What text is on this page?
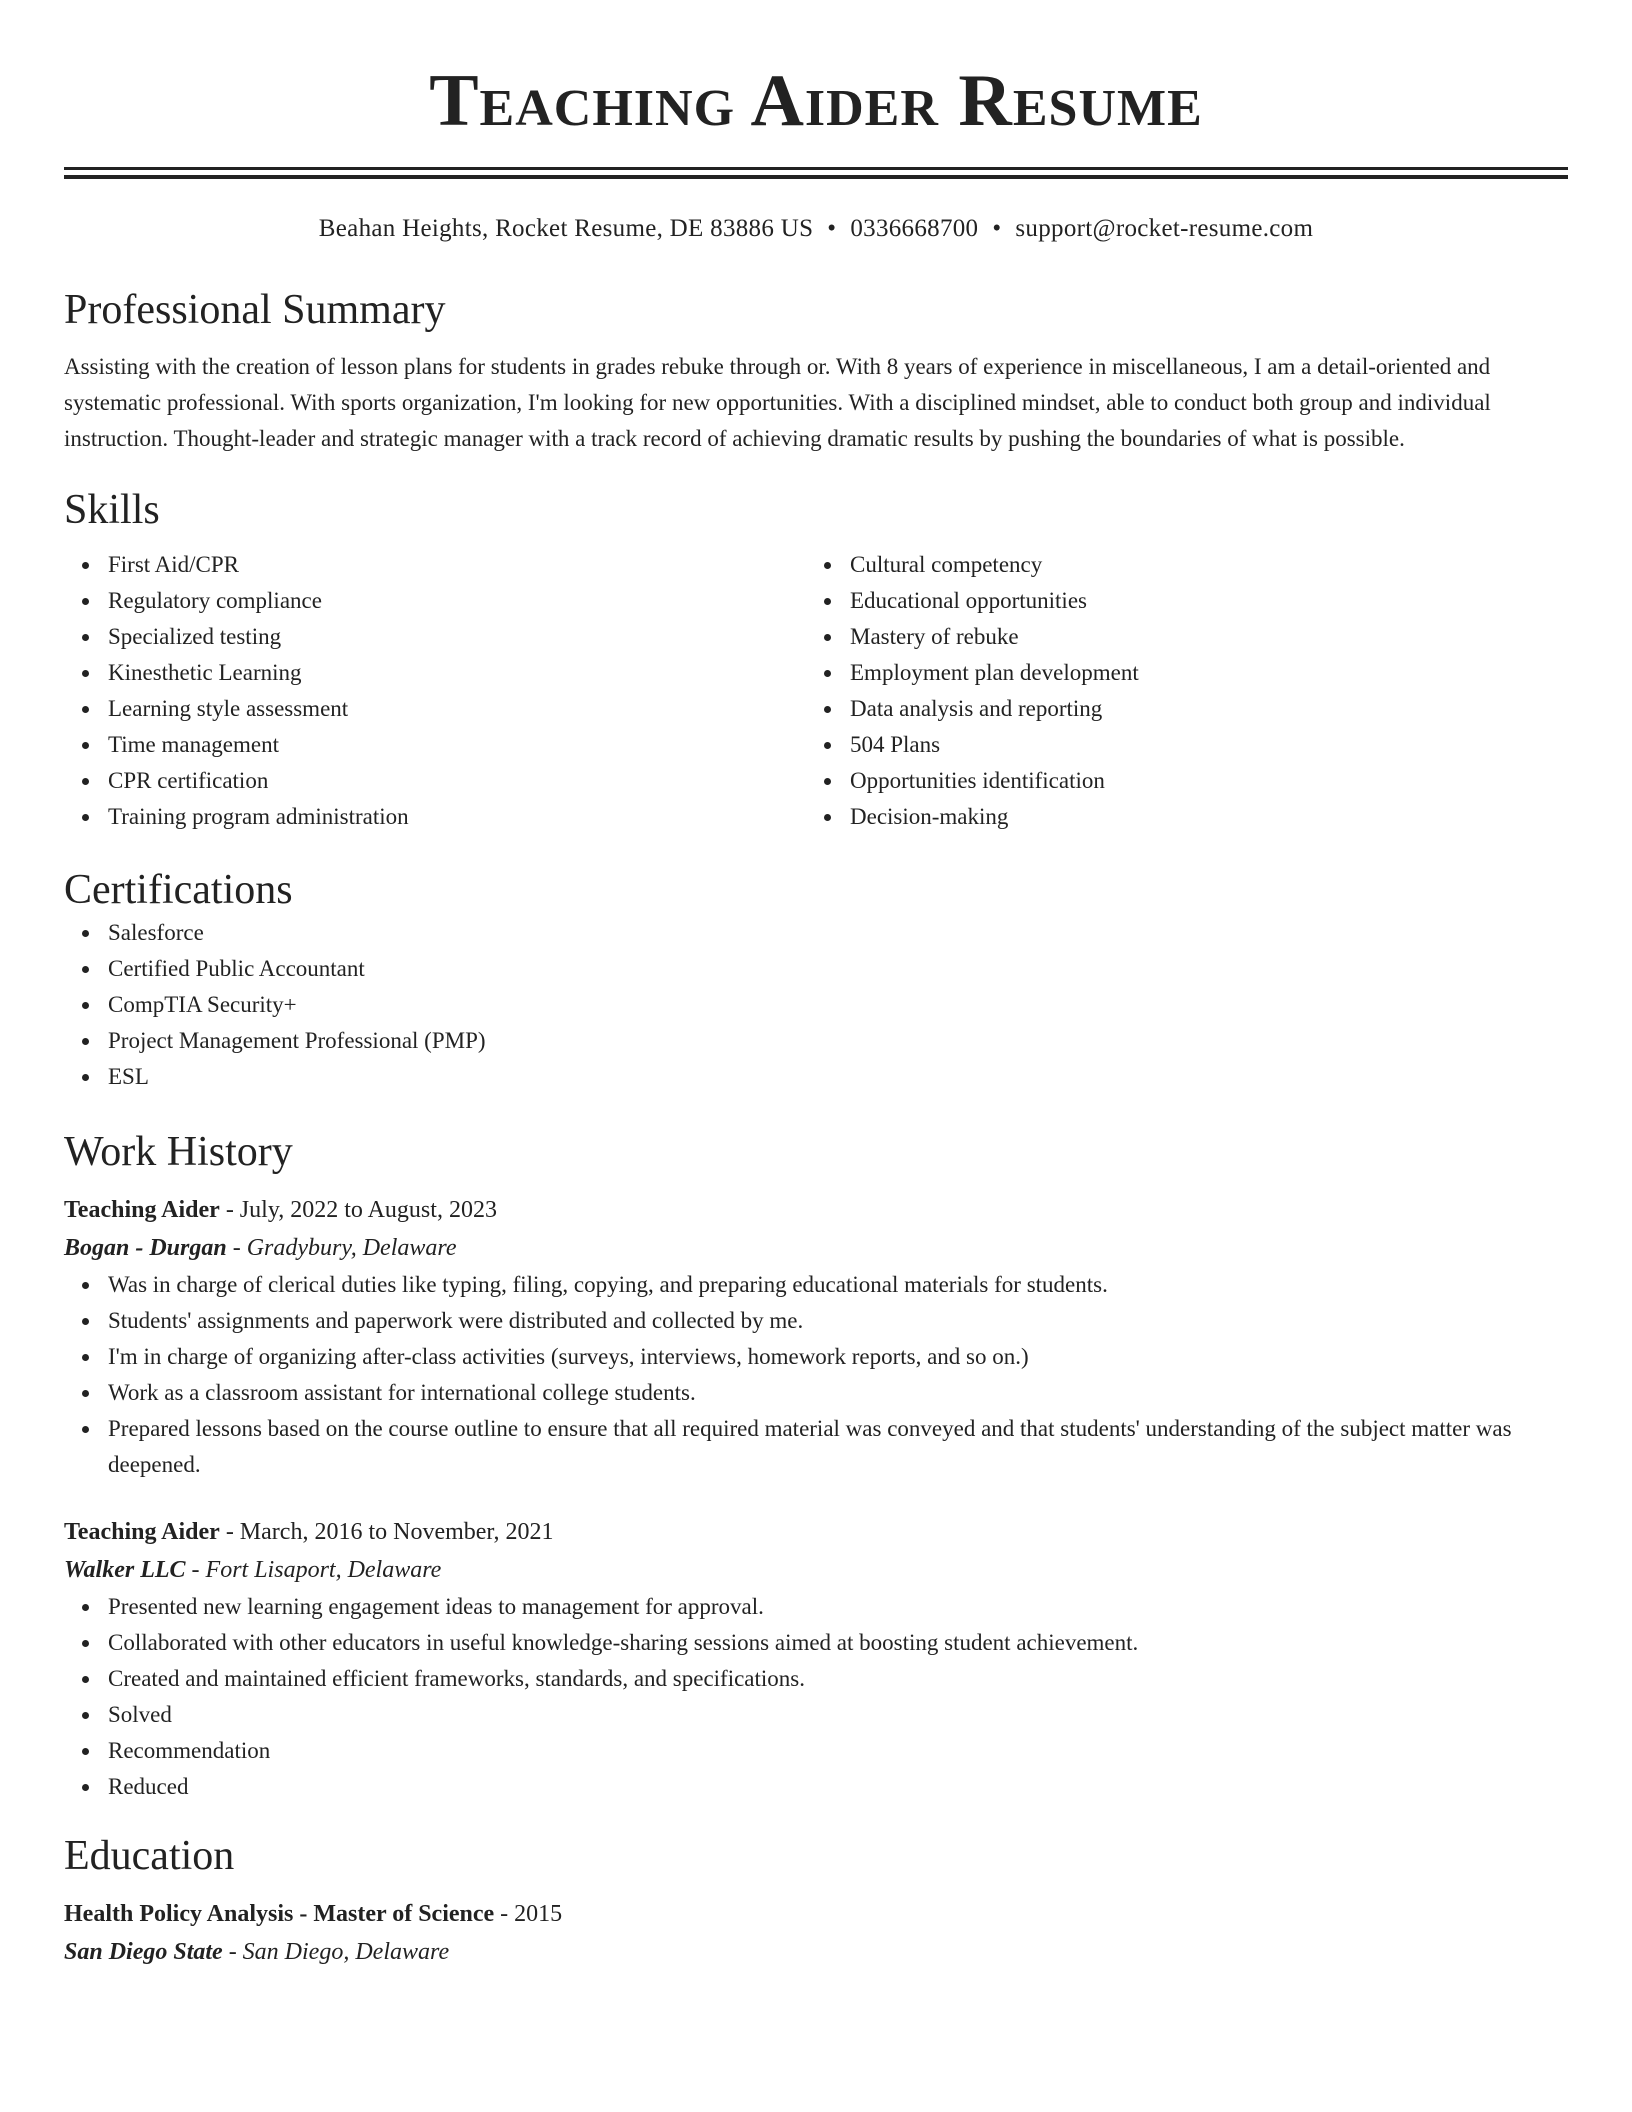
Teaching Aider Resume
Beahan Heights, Rocket Resume, DE 83886 US • 0336668700 • support@rocket-resume.com
Professional Summary

Assisting with the creation of lesson plans for students in grades rebuke through or. With 8 years of experience in miscellaneous, I am a detail-oriented and systematic professional. With sports organization, I'm looking for new opportunities. With a disciplined mindset, able to conduct both group and individual instruction. Thought-leader and strategic manager with a track record of achieving dramatic results by pushing the boundaries of what is possible.

Skills
First Aid/CPR
Regulatory compliance
Specialized testing
Kinesthetic Learning
Learning style assessment
Time management
CPR certification
Training program administration
Cultural competency
Educational opportunities
Mastery of rebuke
Employment plan development
Data analysis and reporting
504 Plans
Opportunities identification
Decision-making
Certifications
Salesforce
Certified Public Accountant
CompTIA Security+
Project Management Professional (PMP)
ESL
Work History
Teaching Aider - July, 2022 to August, 2023
Bogan - Durgan - Gradybury, Delaware
Was in charge of clerical duties like typing, filing, copying, and preparing educational materials for students.
Students' assignments and paperwork were distributed and collected by me.
I'm in charge of organizing after-class activities (surveys, interviews, homework reports, and so on.)
Work as a classroom assistant for international college students.
Prepared lessons based on the course outline to ensure that all required material was conveyed and that students' understanding of the subject matter was deepened.
Teaching Aider - March, 2016 to November, 2021
Walker LLC - Fort Lisaport, Delaware
Presented new learning engagement ideas to management for approval.
Collaborated with other educators in useful knowledge-sharing sessions aimed at boosting student achievement.
Created and maintained efficient frameworks, standards, and specifications.
Solved
Recommendation
Reduced
Education
Health Policy Analysis - Master of Science - 2015
San Diego State - San Diego, Delaware
